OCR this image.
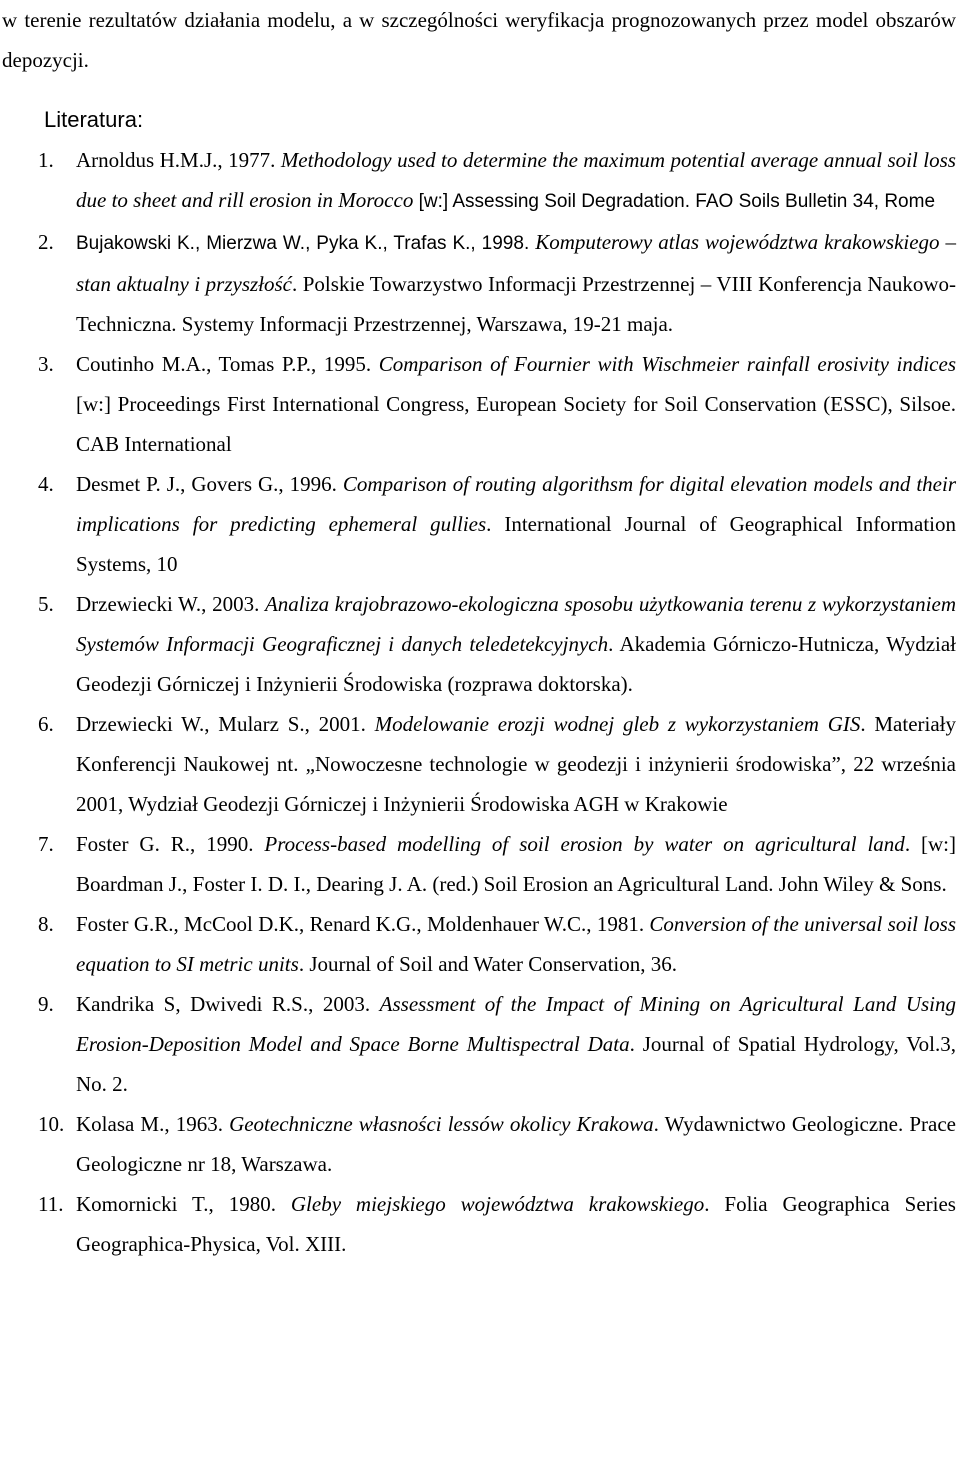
w terenie rezultatów działania modelu, a w szczególności weryfikacja prognozowanych przez model obszarów depozycji.

Literatura:
1. Arnoldus H.M.J., 1977. Methodology used to determine the maximum potential average annual soil loss due to sheet and rill erosion in Morocco [w:] Assessing Soil Degradation. FAO Soils Bulletin 34, Rome
2. Bujakowski K., Mierzwa W., Pyka K., Trafas K., 1998. Komputerowy atlas województwa krakowskiego – stan aktualny i przyszłość. Polskie Towarzystwo Informacji Przestrzennej – VIII Konferencja Naukowo-Techniczna. Systemy Informacji Przestrzennej, Warszawa, 19-21 maja.
3. Coutinho M.A., Tomas P.P., 1995. Comparison of Fournier with Wischmeier rainfall erosivity indices [w:] Proceedings First International Congress, European Society for Soil Conservation (ESSC), Silsoe. CAB International
4. Desmet P. J., Govers G., 1996. Comparison of routing algorithsm for digital elevation models and their implications for predicting ephemeral gullies. International Journal of Geographical Information Systems, 10
5. Drzewiecki W., 2003. Analiza krajobrazowo-ekologiczna sposobu użytkowania terenu z wykorzystaniem Systemów Informacji Geograficznej i danych teledetekcyjnych. Akademia Górniczo-Hutnicza, Wydział Geodezji Górniczej i Inżynierii Środowiska (rozprawa doktorska).
6. Drzewiecki W., Mularz S., 2001. Modelowanie erozji wodnej gleb z wykorzystaniem GIS. Materiały Konferencji Naukowej nt. „Nowoczesne technologie w geodezji i inżynierii środowiska”, 22 września 2001, Wydział Geodezji Górniczej i Inżynierii Środowiska AGH w Krakowie
7. Foster G. R., 1990. Process-based modelling of soil erosion by water on agricultural land. [w:] Boardman J., Foster I. D. I., Dearing J. A. (red.) Soil Erosion an Agricultural Land. John Wiley & Sons.
8. Foster G.R., McCool D.K., Renard K.G., Moldenhauer W.C., 1981. Conversion of the universal soil loss equation to SI metric units. Journal of Soil and Water Conservation, 36.
9. Kandrika S, Dwivedi R.S., 2003. Assessment of the Impact of Mining on Agricultural Land Using Erosion-Deposition Model and Space Borne Multispectral Data. Journal of Spatial Hydrology, Vol.3, No. 2.
10. Kolasa M., 1963. Geotechniczne własności lessów okolicy Krakowa. Wydawnictwo Geologiczne. Prace Geologiczne nr 18, Warszawa.
11. Komornicki T., 1980. Gleby miejskiego województwa krakowskiego. Folia Geographica Series Geographica-Physica, Vol. XIII.
